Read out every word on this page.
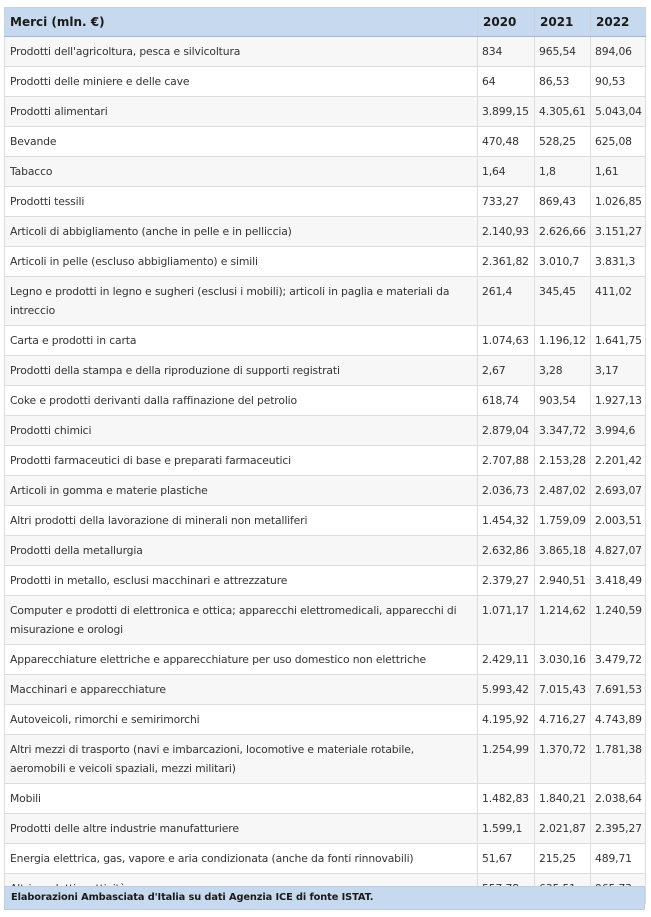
Merci (mln. €)	2020	2021	2022
Prodotti dell'agricoltura, pesca e silvicoltura	834	965,54	894,06
Prodotti delle miniere e delle cave	64	86,53	90,53
Prodotti alimentari	3.899,15	4.305,61	5.043,04
Bevande	470,48	528,25	625,08
Tabacco	1,64	1,8	1,61
Prodotti tessili	733,27	869,43	1.026,85
Articoli di abbigliamento (anche in pelle e in pelliccia)	2.140,93	2.626,66	3.151,27
Articoli in pelle (escluso abbigliamento) e simili	2.361,82	3.010,7	3.831,3
Legno e prodotti in legno e sugheri (esclusi i mobili); articoli in paglia e materiali da intreccio	261,4	345,45	411,02
Carta e prodotti in carta	1.074,63	1.196,12	1.641,75
Prodotti della stampa e della riproduzione di supporti registrati	2,67	3,28	3,17
Coke e prodotti derivanti dalla raffinazione del petrolio	618,74	903,54	1.927,13
Prodotti chimici	2.879,04	3.347,72	3.994,6
Prodotti farmaceutici di base e preparati farmaceutici	2.707,88	2.153,28	2.201,42
Articoli in gomma e materie plastiche	2.036,73	2.487,02	2.693,07
Altri prodotti della lavorazione di minerali non metalliferi	1.454,32	1.759,09	2.003,51
Prodotti della metallurgia	2.632,86	3.865,18	4.827,07
Prodotti in metallo, esclusi macchinari e attrezzature	2.379,27	2.940,51	3.418,49
Computer e prodotti di elettronica e ottica; apparecchi elettromedicali, apparecchi di misurazione e orologi	1.071,17	1.214,62	1.240,59
Apparecchiature elettriche e apparecchiature per uso domestico non elettriche	2.429,11	3.030,16	3.479,72
Macchinari e apparecchiature	5.993,42	7.015,43	7.691,53
Autoveicoli, rimorchi e semirimorchi	4.195,92	4.716,27	4.743,89
Altri mezzi di trasporto (navi e imbarcazioni, locomotive e materiale rotabile, aeromobili e veicoli spaziali, mezzi militari)	1.254,99	1.370,72	1.781,38
Mobili	1.482,83	1.840,21	2.038,64
Prodotti delle altre industrie manufatturiere	1.599,1	2.021,87	2.395,27
Energia elettrica, gas, vapore e aria condizionata (anche da fonti rinnovabili)	51,67	215,25	489,71

Elaborazioni Ambasciata d'Italia su dati Agenzia ICE di fonte ISTAT.
